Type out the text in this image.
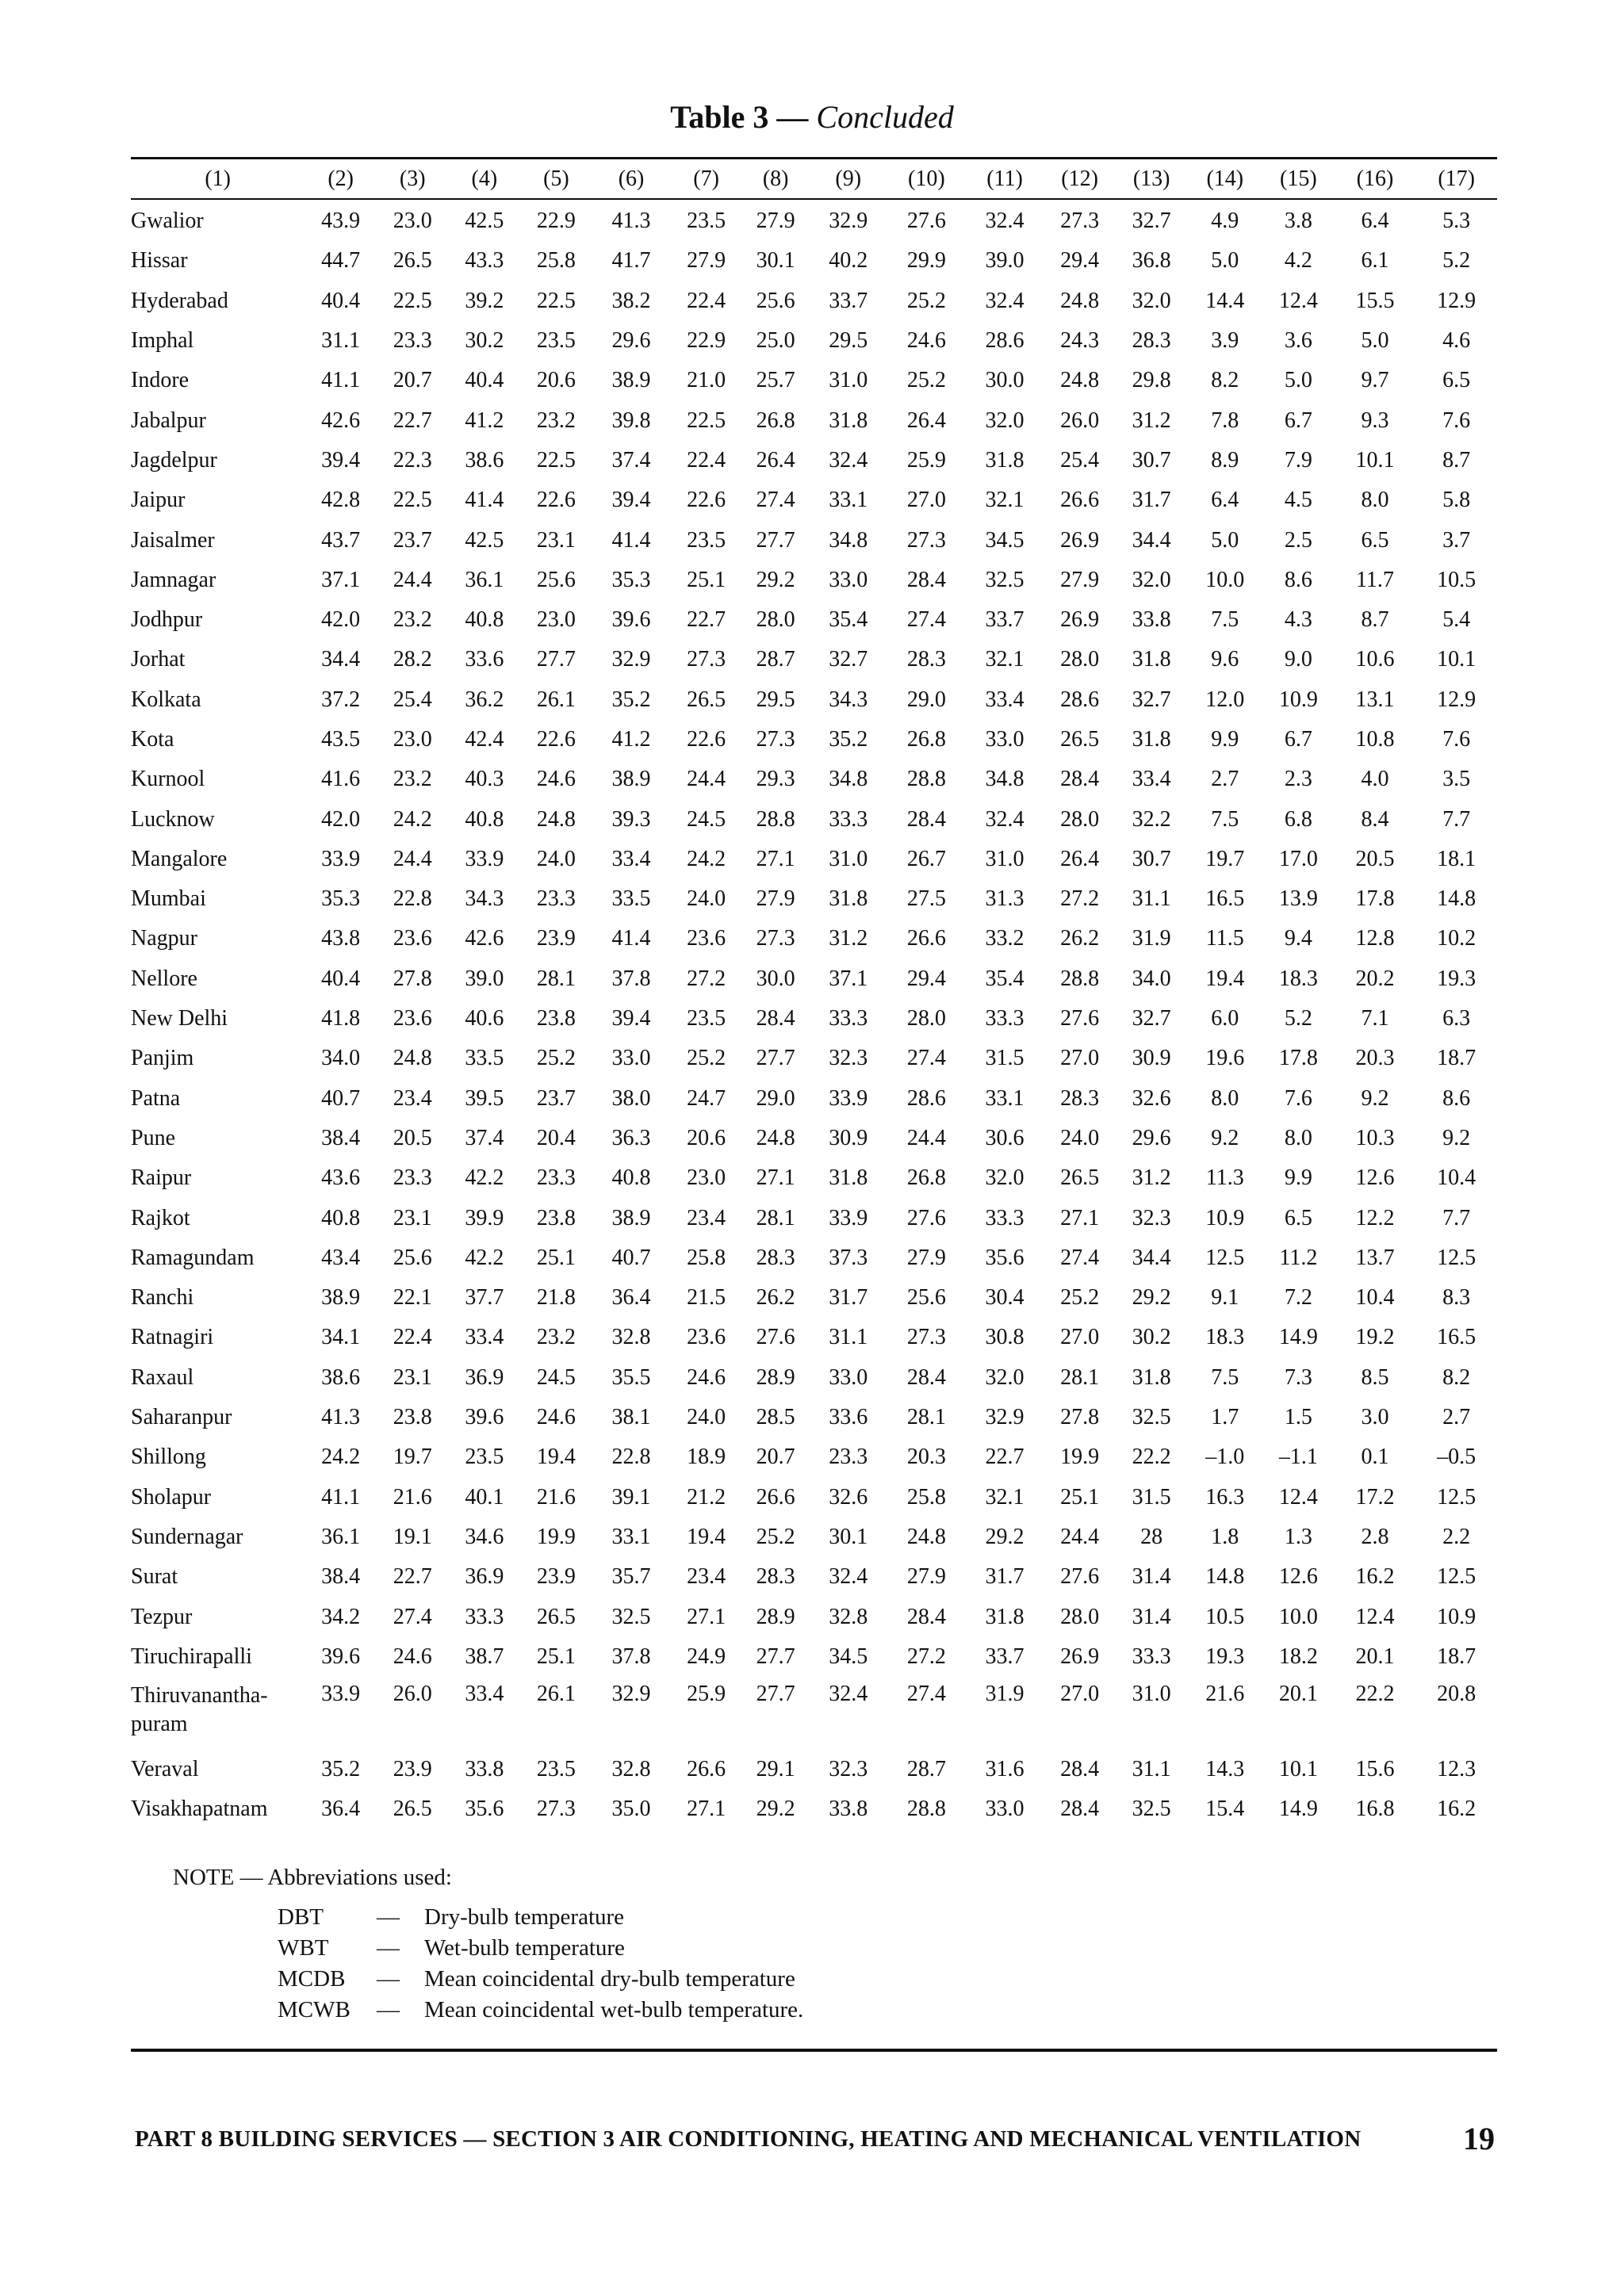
Table 3 — Concluded
(1)	(2)	(3)	(4)	(5)	(6)	(7)	(8)	(9)	(10)	(11)	(12)	(13)	(14)	(15)	(16)	(17)
Gwalior	43.9	23.0	42.5	22.9	41.3	23.5	27.9	32.9	27.6	32.4	27.3	32.7	4.9	3.8	6.4	5.3
Hissar	44.7	26.5	43.3	25.8	41.7	27.9	30.1	40.2	29.9	39.0	29.4	36.8	5.0	4.2	6.1	5.2
Hyderabad	40.4	22.5	39.2	22.5	38.2	22.4	25.6	33.7	25.2	32.4	24.8	32.0	14.4	12.4	15.5	12.9
Imphal	31.1	23.3	30.2	23.5	29.6	22.9	25.0	29.5	24.6	28.6	24.3	28.3	3.9	3.6	5.0	4.6
Indore	41.1	20.7	40.4	20.6	38.9	21.0	25.7	31.0	25.2	30.0	24.8	29.8	8.2	5.0	9.7	6.5
Jabalpur	42.6	22.7	41.2	23.2	39.8	22.5	26.8	31.8	26.4	32.0	26.0	31.2	7.8	6.7	9.3	7.6
Jagdelpur	39.4	22.3	38.6	22.5	37.4	22.4	26.4	32.4	25.9	31.8	25.4	30.7	8.9	7.9	10.1	8.7
Jaipur	42.8	22.5	41.4	22.6	39.4	22.6	27.4	33.1	27.0	32.1	26.6	31.7	6.4	4.5	8.0	5.8
Jaisalmer	43.7	23.7	42.5	23.1	41.4	23.5	27.7	34.8	27.3	34.5	26.9	34.4	5.0	2.5	6.5	3.7
Jamnagar	37.1	24.4	36.1	25.6	35.3	25.1	29.2	33.0	28.4	32.5	27.9	32.0	10.0	8.6	11.7	10.5
Jodhpur	42.0	23.2	40.8	23.0	39.6	22.7	28.0	35.4	27.4	33.7	26.9	33.8	7.5	4.3	8.7	5.4
Jorhat	34.4	28.2	33.6	27.7	32.9	27.3	28.7	32.7	28.3	32.1	28.0	31.8	9.6	9.0	10.6	10.1
Kolkata	37.2	25.4	36.2	26.1	35.2	26.5	29.5	34.3	29.0	33.4	28.6	32.7	12.0	10.9	13.1	12.9
Kota	43.5	23.0	42.4	22.6	41.2	22.6	27.3	35.2	26.8	33.0	26.5	31.8	9.9	6.7	10.8	7.6
Kurnool	41.6	23.2	40.3	24.6	38.9	24.4	29.3	34.8	28.8	34.8	28.4	33.4	2.7	2.3	4.0	3.5
Lucknow	42.0	24.2	40.8	24.8	39.3	24.5	28.8	33.3	28.4	32.4	28.0	32.2	7.5	6.8	8.4	7.7
Mangalore	33.9	24.4	33.9	24.0	33.4	24.2	27.1	31.0	26.7	31.0	26.4	30.7	19.7	17.0	20.5	18.1
Mumbai	35.3	22.8	34.3	23.3	33.5	24.0	27.9	31.8	27.5	31.3	27.2	31.1	16.5	13.9	17.8	14.8
Nagpur	43.8	23.6	42.6	23.9	41.4	23.6	27.3	31.2	26.6	33.2	26.2	31.9	11.5	9.4	12.8	10.2
Nellore	40.4	27.8	39.0	28.1	37.8	27.2	30.0	37.1	29.4	35.4	28.8	34.0	19.4	18.3	20.2	19.3
New Delhi	41.8	23.6	40.6	23.8	39.4	23.5	28.4	33.3	28.0	33.3	27.6	32.7	6.0	5.2	7.1	6.3
Panjim	34.0	24.8	33.5	25.2	33.0	25.2	27.7	32.3	27.4	31.5	27.0	30.9	19.6	17.8	20.3	18.7
Patna	40.7	23.4	39.5	23.7	38.0	24.7	29.0	33.9	28.6	33.1	28.3	32.6	8.0	7.6	9.2	8.6
Pune	38.4	20.5	37.4	20.4	36.3	20.6	24.8	30.9	24.4	30.6	24.0	29.6	9.2	8.0	10.3	9.2
Raipur	43.6	23.3	42.2	23.3	40.8	23.0	27.1	31.8	26.8	32.0	26.5	31.2	11.3	9.9	12.6	10.4
Rajkot	40.8	23.1	39.9	23.8	38.9	23.4	28.1	33.9	27.6	33.3	27.1	32.3	10.9	6.5	12.2	7.7
Ramagundam	43.4	25.6	42.2	25.1	40.7	25.8	28.3	37.3	27.9	35.6	27.4	34.4	12.5	11.2	13.7	12.5
Ranchi	38.9	22.1	37.7	21.8	36.4	21.5	26.2	31.7	25.6	30.4	25.2	29.2	9.1	7.2	10.4	8.3
Ratnagiri	34.1	22.4	33.4	23.2	32.8	23.6	27.6	31.1	27.3	30.8	27.0	30.2	18.3	14.9	19.2	16.5
Raxaul	38.6	23.1	36.9	24.5	35.5	24.6	28.9	33.0	28.4	32.0	28.1	31.8	7.5	7.3	8.5	8.2
Saharanpur	41.3	23.8	39.6	24.6	38.1	24.0	28.5	33.6	28.1	32.9	27.8	32.5	1.7	1.5	3.0	2.7
Shillong	24.2	19.7	23.5	19.4	22.8	18.9	20.7	23.3	20.3	22.7	19.9	22.2	–1.0	–1.1	0.1	–0.5
Sholapur	41.1	21.6	40.1	21.6	39.1	21.2	26.6	32.6	25.8	32.1	25.1	31.5	16.3	12.4	17.2	12.5
Sundernagar	36.1	19.1	34.6	19.9	33.1	19.4	25.2	30.1	24.8	29.2	24.4	28	1.8	1.3	2.8	2.2
Surat	38.4	22.7	36.9	23.9	35.7	23.4	28.3	32.4	27.9	31.7	27.6	31.4	14.8	12.6	16.2	12.5
Tezpur	34.2	27.4	33.3	26.5	32.5	27.1	28.9	32.8	28.4	31.8	28.0	31.4	10.5	10.0	12.4	10.9
Tiruchirapalli	39.6	24.6	38.7	25.1	37.8	24.9	27.7	34.5	27.2	33.7	26.9	33.3	19.3	18.2	20.1	18.7
Thiruvanantha-puram	33.9	26.0	33.4	26.1	32.9	25.9	27.7	32.4	27.4	31.9	27.0	31.0	21.6	20.1	22.2	20.8
Veraval	35.2	23.9	33.8	23.5	32.8	26.6	29.1	32.3	28.7	31.6	28.4	31.1	14.3	10.1	15.6	12.3
Visakhapatnam	36.4	26.5	35.6	27.3	35.0	27.1	29.2	33.8	28.8	33.0	28.4	32.5	15.4	14.9	16.8	16.2
NOTE — Abbreviations used:
DBT — Dry-bulb temperature
WBT — Wet-bulb temperature
MCDB — Mean coincidental dry-bulb temperature
MCWB — Mean coincidental wet-bulb temperature.
PART 8 BUILDING SERVICES — SECTION 3 AIR CONDITIONING, HEATING AND MECHANICAL VENTILATION	19
